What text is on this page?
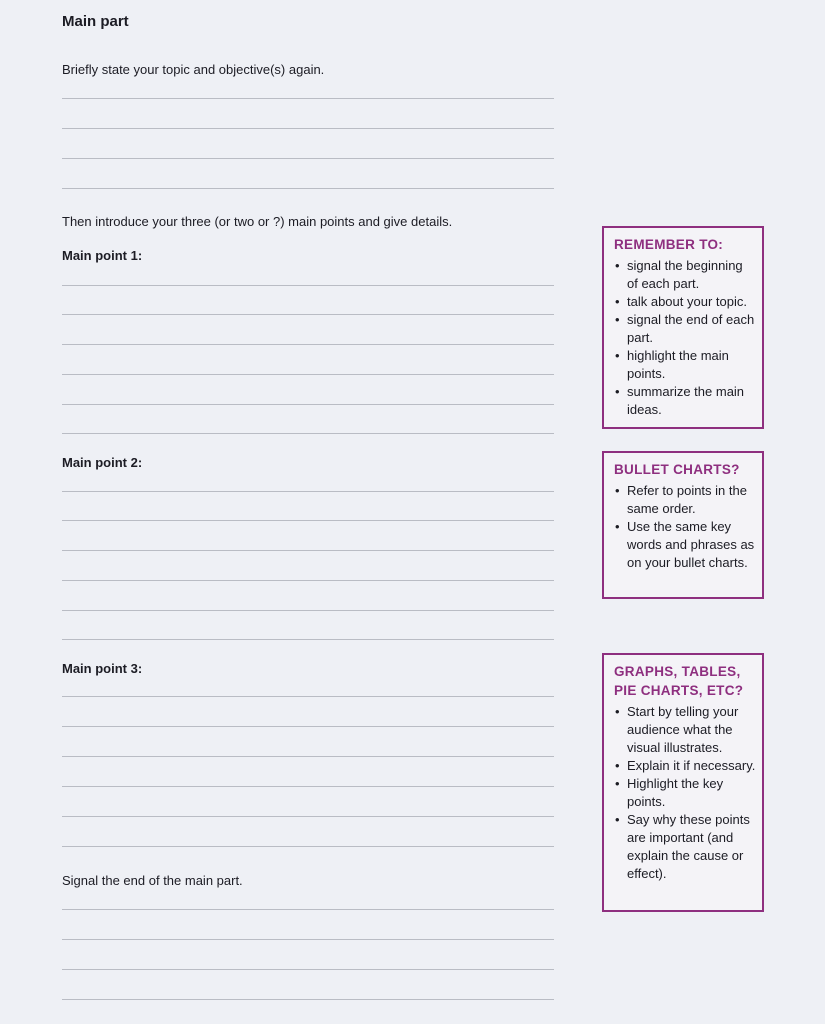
Main part

Briefly state your topic and objective(s) again.

Then introduce your three (or two or ?) main points and give details.

Main point 1:

Main point 2:

Main point 3:

Signal the end of the main part.

REMEMBER TO:

• signal the beginning of each part.
• talk about your topic.
• signal the end of each part.
• highlight the main points.
• summarize the main ideas.

BULLET CHARTS?

• Refer to points in the same order.
• Use the same key words and phrases as on your bullet charts.

GRAPHS, TABLES, PIE CHARTS, ETC?

• Start by telling your audience what the visual illustrates.
• Explain it if necessary.
• Highlight the key points.
• Say why these points are important (and explain the cause or effect).
